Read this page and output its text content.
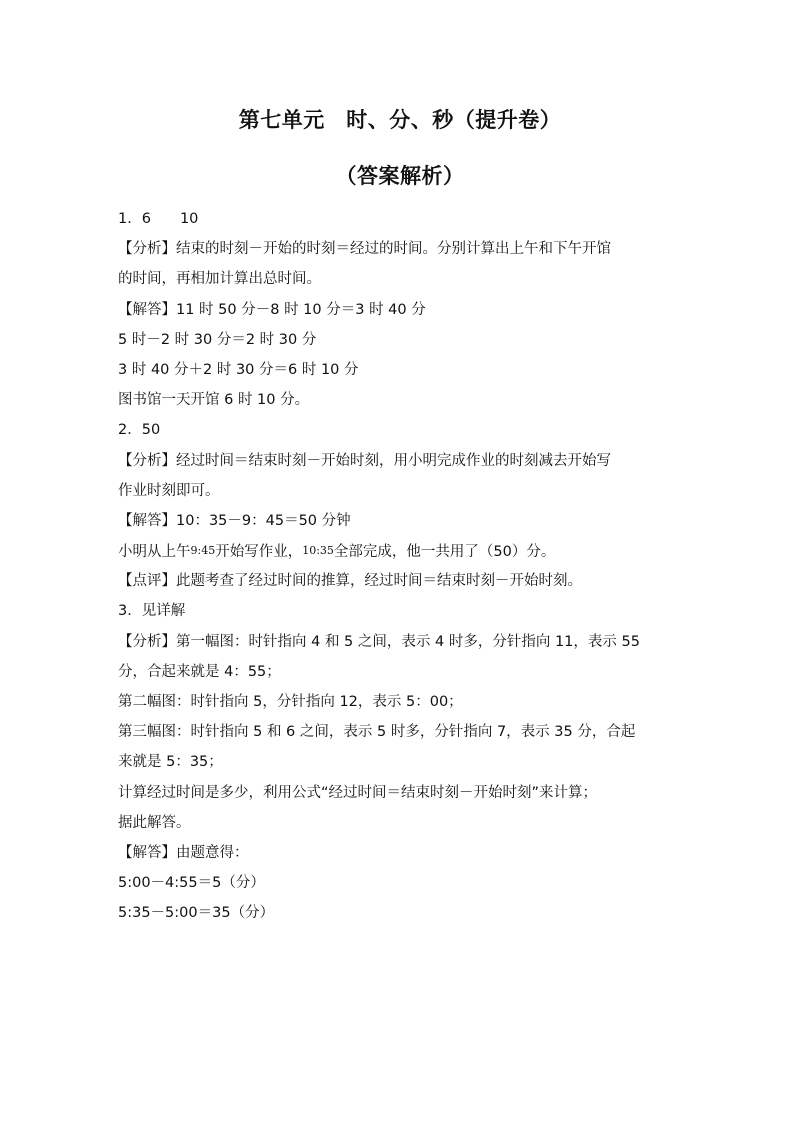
第七单元　时、分、秒（提升卷）
（答案解析）
1．6　　10
【分析】结束的时刻－开始的时刻＝经过的时间。分别计算出上午和下午开馆
的时间，再相加计算出总时间。
【解答】11 时 50 分－8 时 10 分＝3 时 40 分
5 时－2 时 30 分＝2 时 30 分
3 时 40 分＋2 时 30 分＝6 时 10 分
图书馆一天开馆 6 时 10 分。
2．50
【分析】经过时间＝结束时刻－开始时刻，用小明完成作业的时刻减去开始写
作业时刻即可。
【解答】10：35－9：45＝50 分钟
小明从上午9:45开始写作业，10:35全部完成，他一共用了（50）分。
【点评】此题考查了经过时间的推算，经过时间＝结束时刻－开始时刻。
3．见详解
【分析】第一幅图：时针指向 4 和 5 之间，表示 4 时多，分针指向 11，表示 55
分，合起来就是 4：55；
第二幅图：时针指向 5，分针指向 12，表示 5：00；
第三幅图：时针指向 5 和 6 之间，表示 5 时多，分针指向 7，表示 35 分，合起
来就是 5：35；
计算经过时间是多少，利用公式“经过时间＝结束时刻－开始时刻”来计算；
据此解答。
【解答】由题意得：
5:00－4:55＝5（分）
5:35－5:00＝35（分）
